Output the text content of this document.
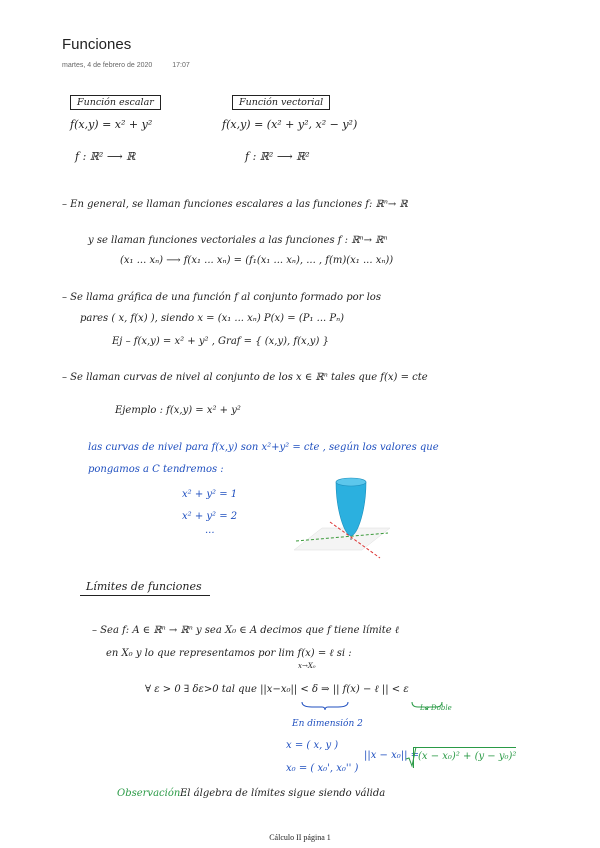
Funciones
martes, 4 de febrero de 2020	17:07
Función escalar	Función vectorial
f(x,y) = x² + y²	f(x,y) = (x² + y², x² − y²)
f : ℝ² ⟶ ℝ	f : ℝ² ⟶ ℝ²
– En general, se llaman funciones escalares a las funciones f: ℝⁿ→ ℝ
y se llaman funciones vectoriales a las funciones f : ℝⁿ→ ℝⁿ
(x₁ ... xₙ) ⟶ f(x₁ ... xₙ) = (f₁(x₁ ... xₙ), ... , f(m)(x₁ ... xₙ))
– Se llama gráfica de una función f al conjunto formado por los
pares ( x, f(x) ), siendo x = (x₁ ... xₙ) P(x) = (P₁ ... Pₙ)
Ej – f(x,y) = x² + y² , Graf = { (x,y), f(x,y) }
– Se llaman curvas de nivel al conjunto de los x ∈ ℝⁿ tales que f(x) = cte
Ejemplo : f(x,y) = x² + y²
las curvas de nivel para f(x,y) son x²+y² = cte , según los valores que
pongamos a C tendremos :
x² + y² = 1
x² + y² = 2
...
Límites de funciones
– Sea f: A ∈ ℝⁿ → ℝⁿ y sea X₀ ∈ A decimos que f tiene límite ℓ
en X₀ y lo que representamos por lim f(x) = ℓ si :
x→X₀
∀ ε > 0 ∃ δε>0 tal que ||x−x₀|| < δ ⇒ || f(x) − ℓ || < ε
En dimensión 2
La Doble
x = ( x, y )
x₀ = ( x₀', x₀'' )
||x − x₀|| =
(x − x₀)² + (y − y₀)²
Observación :
El álgebra de límites sigue siendo válida
Cálculo II página 1
